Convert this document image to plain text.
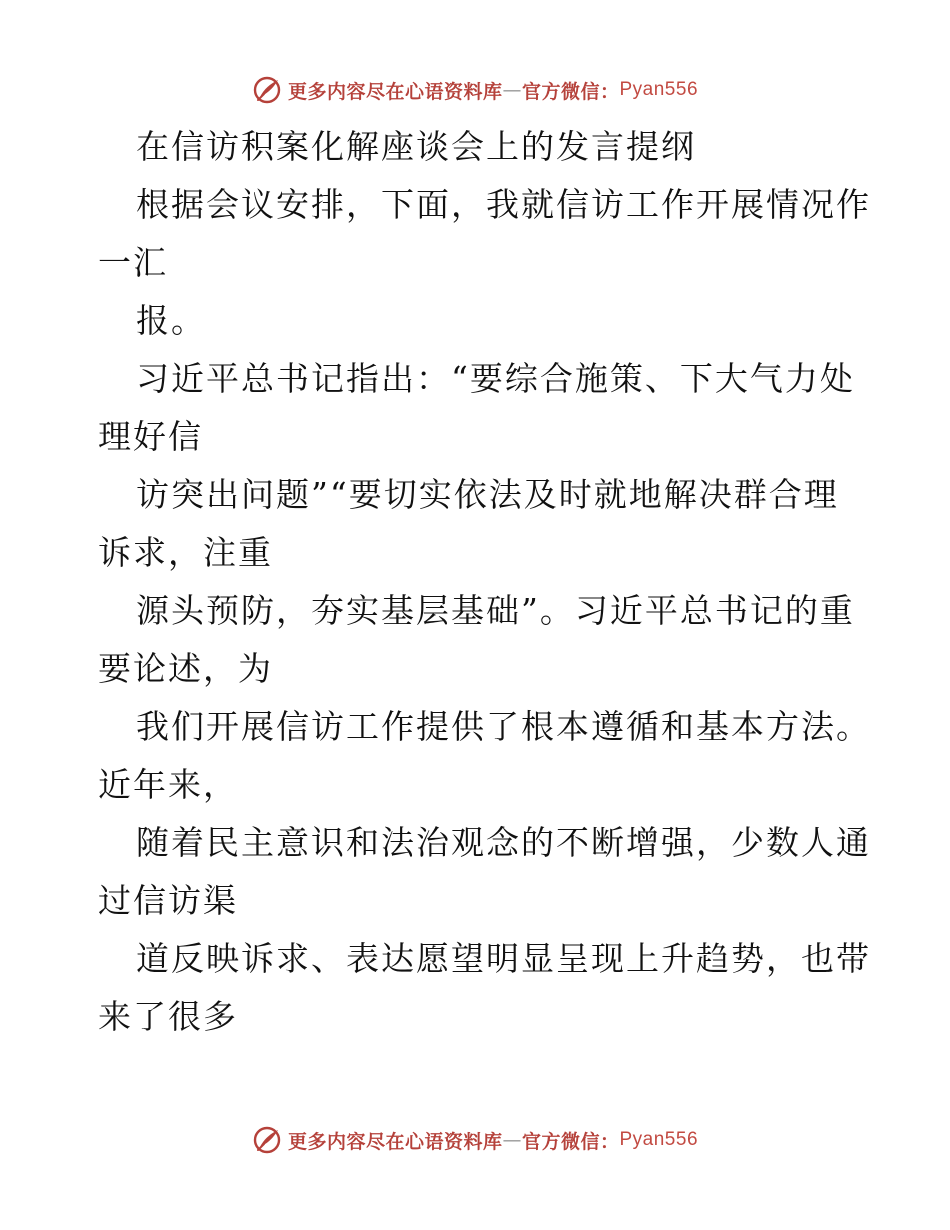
更多内容尽在心语资料库 — 官方微信： Pyan556
在信访积案化解座谈会上的发言提纲
根据会议安排，下面，我就信访工作开展情况作
一汇
报。
习近平总书记指出：“要综合施策、下大气力处
理好信
访突出问题”“要切实依法及时就地解决群合理
诉求，注重
源头预防，夯实基层基础”。习近平总书记的重
要论述，为
我们开展信访工作提供了根本遵循和基本方法。
近年来，
随着民主意识和法治观念的不断增强，少数人通
过信访渠
道反映诉求、表达愿望明显呈现上升趋势，也带
来了很多
更多内容尽在心语资料库 — 官方微信： Pyan556
